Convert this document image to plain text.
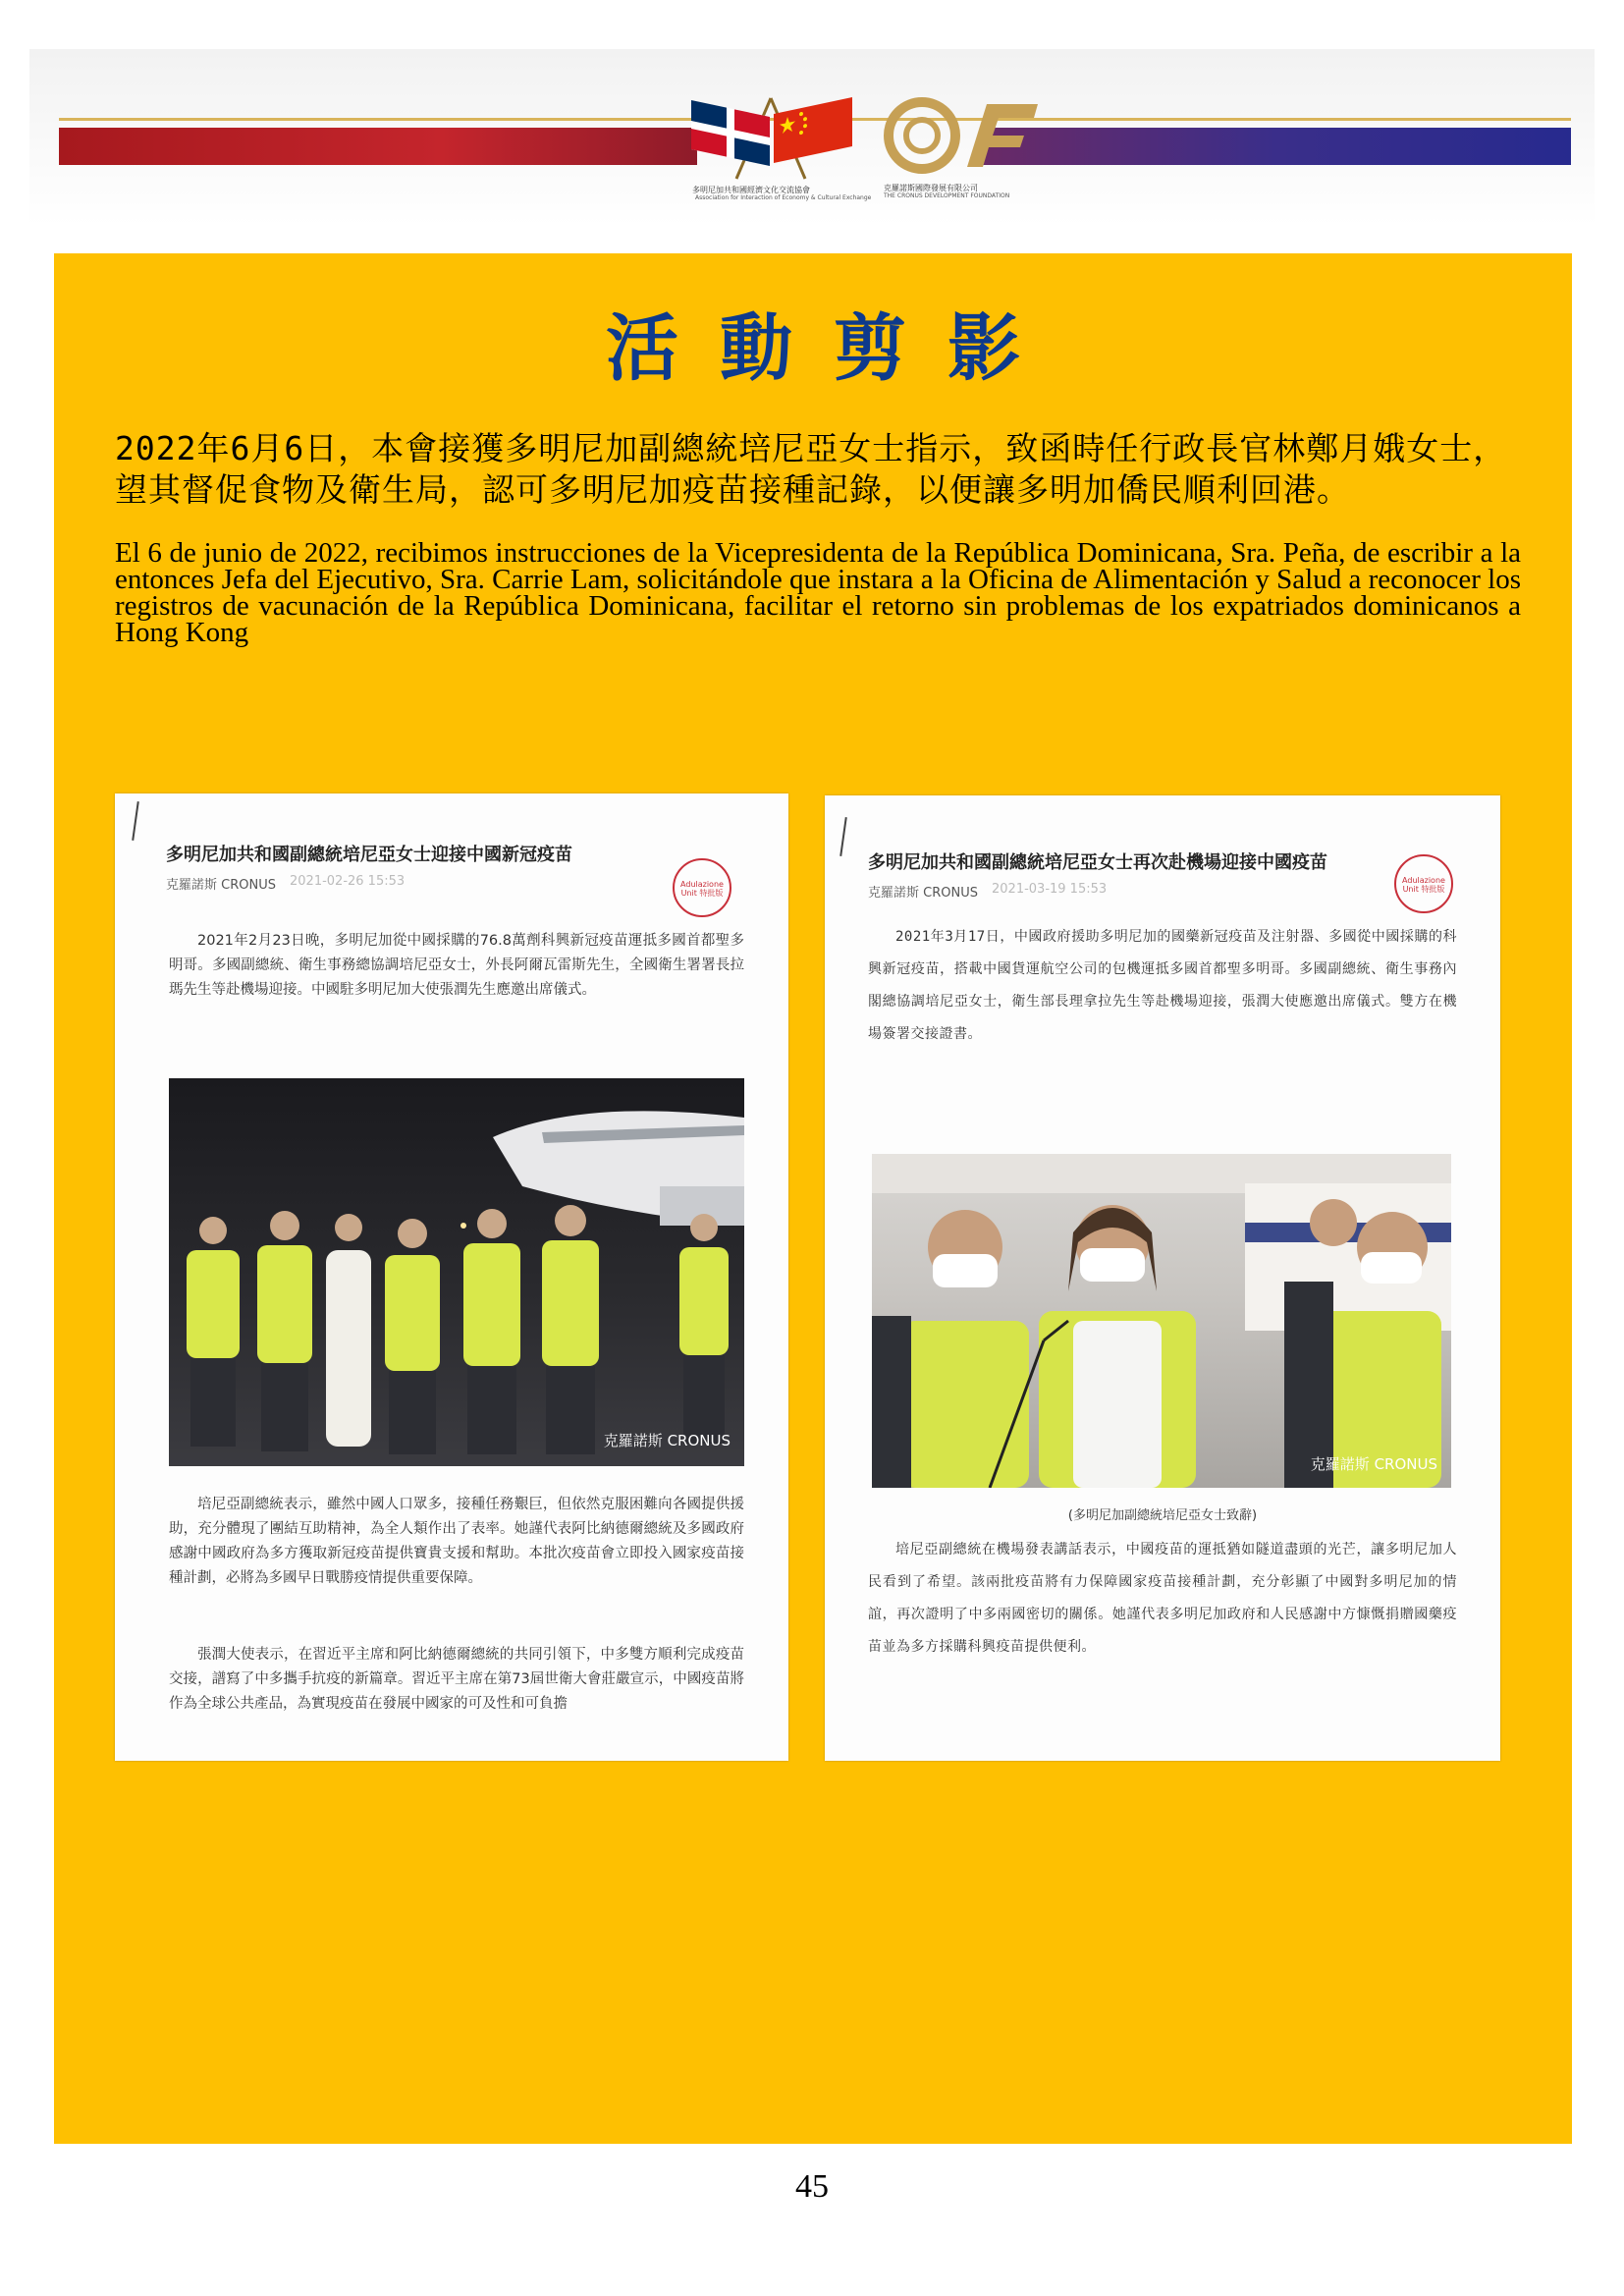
多明尼加共和國經濟文化交流協會
Association for Interaction of Economy & Cultural Exchange
克羅諾斯國際發展有限公司
THE CRONUS DEVELOPMENT FOUNDATION
活動剪影
2022年6月6日，本會接獲多明尼加副總統培尼亞女士指示，致函時任行政長官林鄭月娥女士，望其督促食物及衛生局，認可多明尼加疫苗接種記錄，以便讓多明加僑民順利回港。
El 6 de junio de 2022, recibimos instrucciones de la Vicepresidenta de la República Dominicana, Sra. Peña, de escribir a la entonces Jefa del Ejecutivo, Sra. Carrie Lam, solicitándole que instara a la Oficina de Alimentación y Salud a reconocer los registros de vacunación de la República Dominicana, facilitar el retorno sin problemas de los expatriados dominicanos a Hong Kong
多明尼加共和國副總統培尼亞女士迎接中國新冠疫苗
克羅諾斯 CRONUS 2021-02-26 15:53	Adulazione Unit 特批版
2021年2月23日晚，多明尼加從中國採購的76.8萬劑科興新冠疫苗運抵多國首都聖多明哥。多國副總統、衛生事務總協調培尼亞女士，外長阿爾瓦雷斯先生，全國衛生署署長拉瑪先生等赴機場迎接。中國駐多明尼加大使張潤先生應邀出席儀式。
克羅諾斯 CRONUS
培尼亞副總統表示，雖然中國人口眾多，接種任務艱巨，但依然克服困難向各國提供援助，充分體現了團結互助精神，為全人類作出了表率。她謹代表阿比納德爾總統及多國政府感謝中國政府為多方獲取新冠疫苗提供寶貴支援和幫助。本批次疫苗會立即投入國家疫苗接種計劃，必將為多國早日戰勝疫情提供重要保障。
張潤大使表示，在習近平主席和阿比納德爾總統的共同引領下，中多雙方順利完成疫苗交接，譜寫了中多攜手抗疫的新篇章。習近平主席在第73屆世衛大會莊嚴宣示，中國疫苗將作為全球公共產品，為實現疫苗在發展中國家的可及性和可負擔
多明尼加共和國副總統培尼亞女士再次赴機場迎接中國疫苗
克羅諾斯 CRONUS 2021-03-19 15:53
Adulazione Unit 特批版
2021年3月17日，中國政府援助多明尼加的國藥新冠疫苗及注射器、多國從中國採購的科興新冠疫苗，搭載中國貨運航空公司的包機運抵多國首都聖多明哥。多國副總統、衛生事務內閣總協調培尼亞女士，衛生部長理拿拉先生等赴機場迎接，張潤大使應邀出席儀式。雙方在機場簽署交接證書。
克羅諾斯 CRONUS
(多明尼加副總統培尼亞女士致辭)
培尼亞副總統在機場發表講話表示，中國疫苗的運抵猶如隧道盡頭的光芒，讓多明尼加人民看到了希望。該兩批疫苗將有力保障國家疫苗接種計劃，充分彰顯了中國對多明尼加的情誼，再次證明了中多兩國密切的關係。她謹代表多明尼加政府和人民感謝中方慷慨捐贈國藥疫苗並為多方採購科興疫苗提供便利。
45
